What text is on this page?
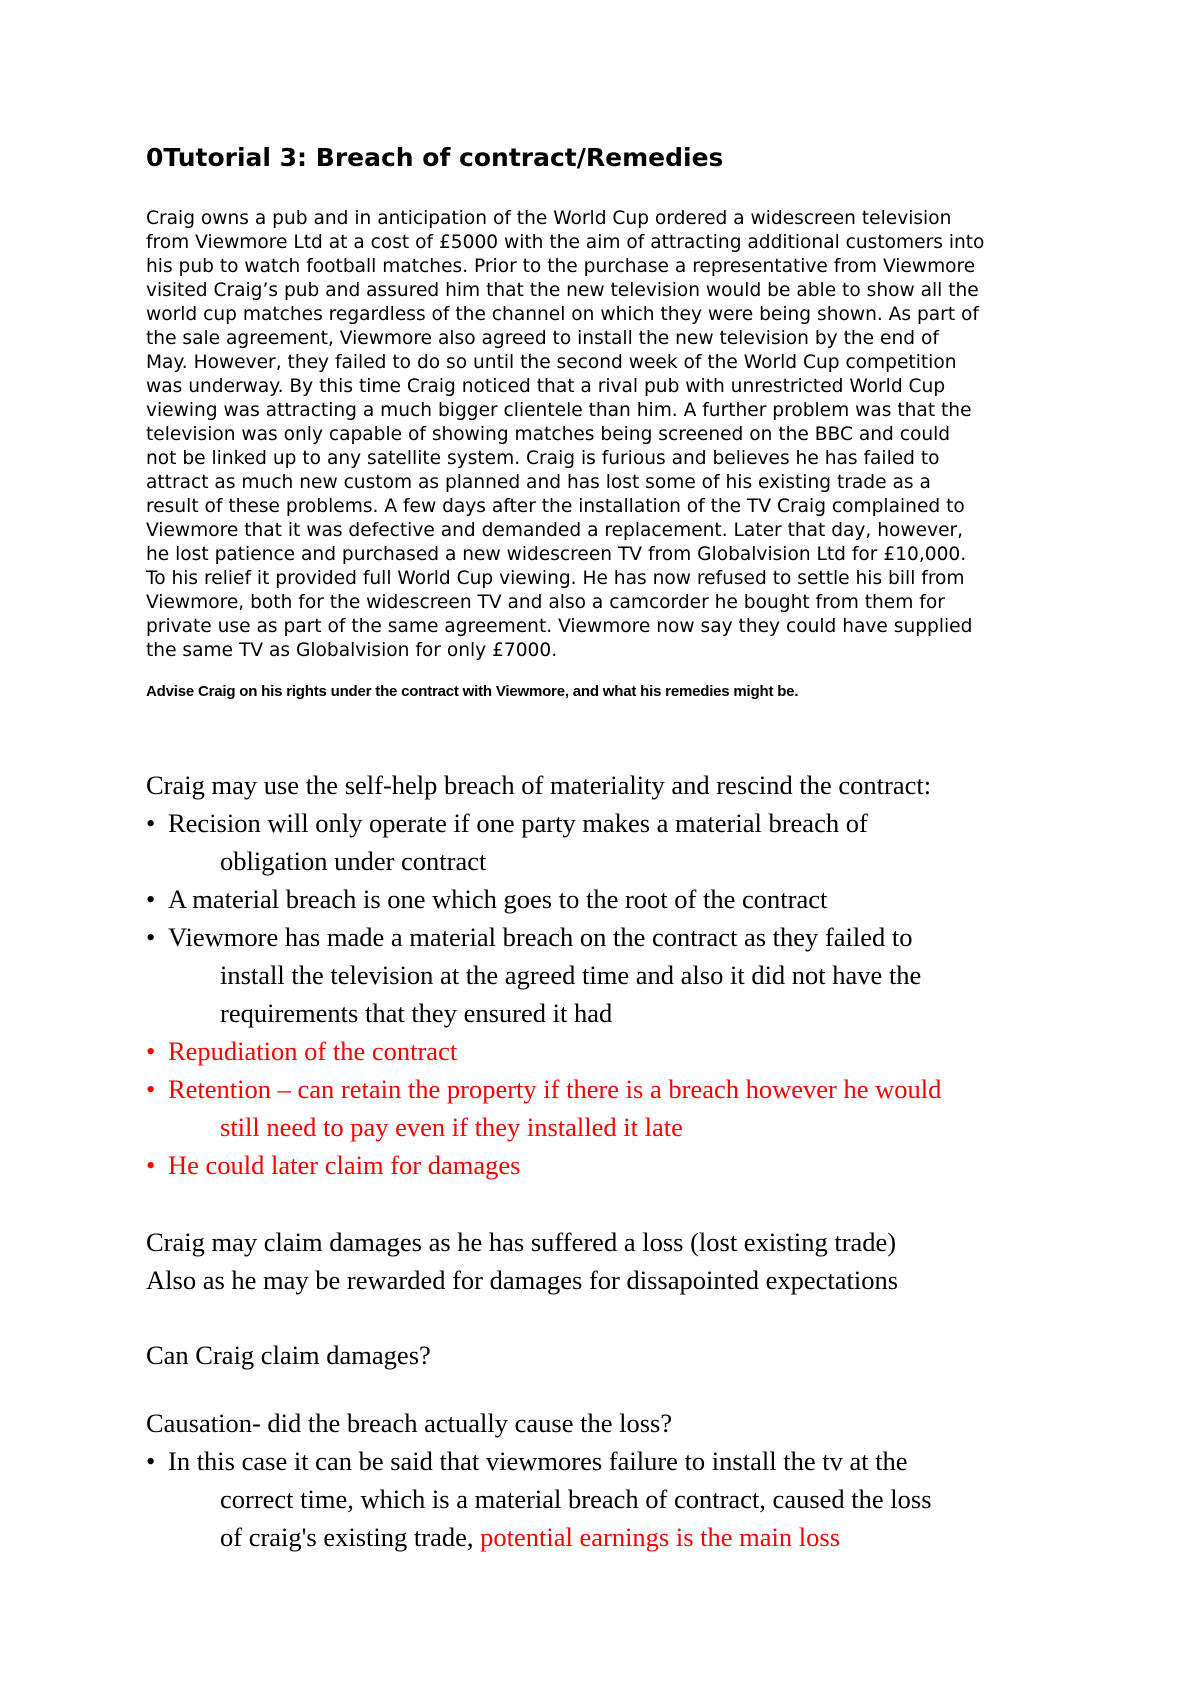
0Tutorial 3: Breach of contract/Remedies

Craig owns a pub and in anticipation of the World Cup ordered a widescreen television
from Viewmore Ltd at a cost of £5000 with the aim of attracting additional customers into
his pub to watch football matches. Prior to the purchase a representative from Viewmore
visited Craig’s pub and assured him that the new television would be able to show all the
world cup matches regardless of the channel on which they were being shown. As part of
the sale agreement, Viewmore also agreed to install the new television by the end of
May. However, they failed to do so until the second week of the World Cup competition
was underway. By this time Craig noticed that a rival pub with unrestricted World Cup
viewing was attracting a much bigger clientele than him. A further problem was that the
television was only capable of showing matches being screened on the BBC and could
not be linked up to any satellite system. Craig is furious and believes he has failed to
attract as much new custom as planned and has lost some of his existing trade as a
result of these problems. A few days after the installation of the TV Craig complained to
Viewmore that it was defective and demanded a replacement. Later that day, however,
he lost patience and purchased a new widescreen TV from Globalvision Ltd for £10,000.
To his relief it provided full World Cup viewing. He has now refused to settle his bill from
Viewmore, both for the widescreen TV and also a camcorder he bought from them for
private use as part of the same agreement. Viewmore now say they could have supplied
the same TV as Globalvision for only £7000.

Advise Craig on his rights under the contract with Viewmore, and what his remedies might be.

Craig may use the self-help breach of materiality and rescind the contract:

• Recision will only operate if one party makes a material breach of
obligation under contract
• A material breach is one which goes to the root of the contract
• Viewmore has made a material breach on the contract as they failed to
install the television at the agreed time and also it did not have the
requirements that they ensured it had
• Repudiation of the contract
• Retention – can retain the property if there is a breach however he would
still need to pay even if they installed it late
• He could later claim for damages

Craig may claim damages as he has suffered a loss (lost existing trade)
Also as he may be rewarded for damages for dissapointed expectations

Can Craig claim damages?

Causation- did the breach actually cause the loss?

• In this case it can be said that viewmores failure to install the tv at the
correct time, which is a material breach of contract, caused the loss
of craig's existing trade, potential earnings is the main loss
